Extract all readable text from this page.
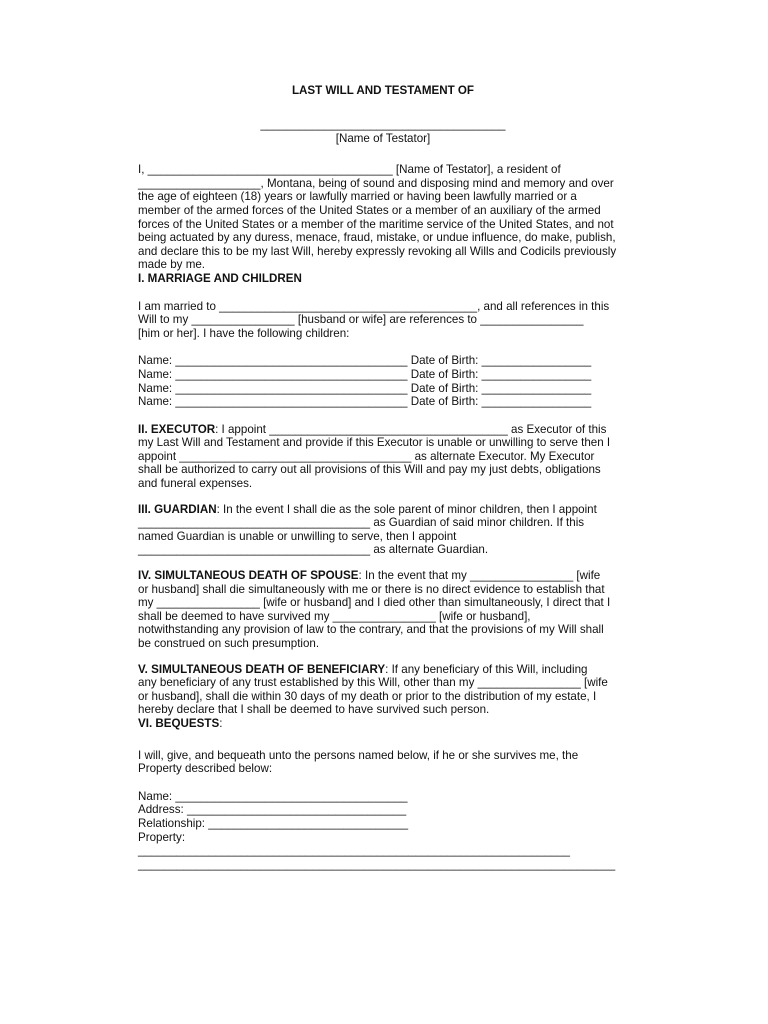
LAST WILL AND TESTAMENT OF

______________________________________

[Name of Testator]

I, ______________________________________ [Name of Testator], a resident of

___________________, Montana, being of sound and disposing mind and memory and over

the age of eighteen (18) years or lawfully married or having been lawfully married or a

member of the armed forces of the United States or a member of an auxiliary of the armed

forces of the United States or a member of the maritime service of the United States, and not

being actuated by any duress, menace, fraud, mistake, or undue influence, do make, publish,

and declare this to be my last Will, hereby expressly revoking all Wills and Codicils previously

made by me.

I. MARRIAGE AND CHILDREN

I am married to ________________________________________, and all references in this

Will to my ________________ [husband or wife] are references to ________________

[him or her]. I have the following children:

Name: ____________________________________ Date of Birth: _________________

Name: ____________________________________ Date of Birth: _________________

Name: ____________________________________ Date of Birth: _________________

Name: ____________________________________ Date of Birth: _________________

II. EXECUTOR: I appoint _____________________________________ as Executor of this

my Last Will and Testament and provide if this Executor is unable or unwilling to serve then I

appoint ____________________________________ as alternate Executor. My Executor

shall be authorized to carry out all provisions of this Will and pay my just debts, obligations

and funeral expenses.

III. GUARDIAN: In the event I shall die as the sole parent of minor children, then I appoint

____________________________________ as Guardian of said minor children. If this

named Guardian is unable or unwilling to serve, then I appoint

____________________________________ as alternate Guardian.

IV. SIMULTANEOUS DEATH OF SPOUSE: In the event that my ________________ [wife

or husband] shall die simultaneously with me or there is no direct evidence to establish that

my ________________ [wife or husband] and I died other than simultaneously, I direct that I

shall be deemed to have survived my ________________ [wife or husband],

notwithstanding any provision of law to the contrary, and that the provisions of my Will shall

be construed on such presumption.

V. SIMULTANEOUS DEATH OF BENEFICIARY: If any beneficiary of this Will, including

any beneficiary of any trust established by this Will, other than my ________________ [wife

or husband], shall die within 30 days of my death or prior to the distribution of my estate, I

hereby declare that I shall be deemed to have survived such person.

VI. BEQUESTS:

I will, give, and bequeath unto the persons named below, if he or she survives me, the

Property described below:

Name: ____________________________________

Address: __________________________________

Relationship: _______________________________

Property:

___________________________________________________________________

__________________________________________________________________________
